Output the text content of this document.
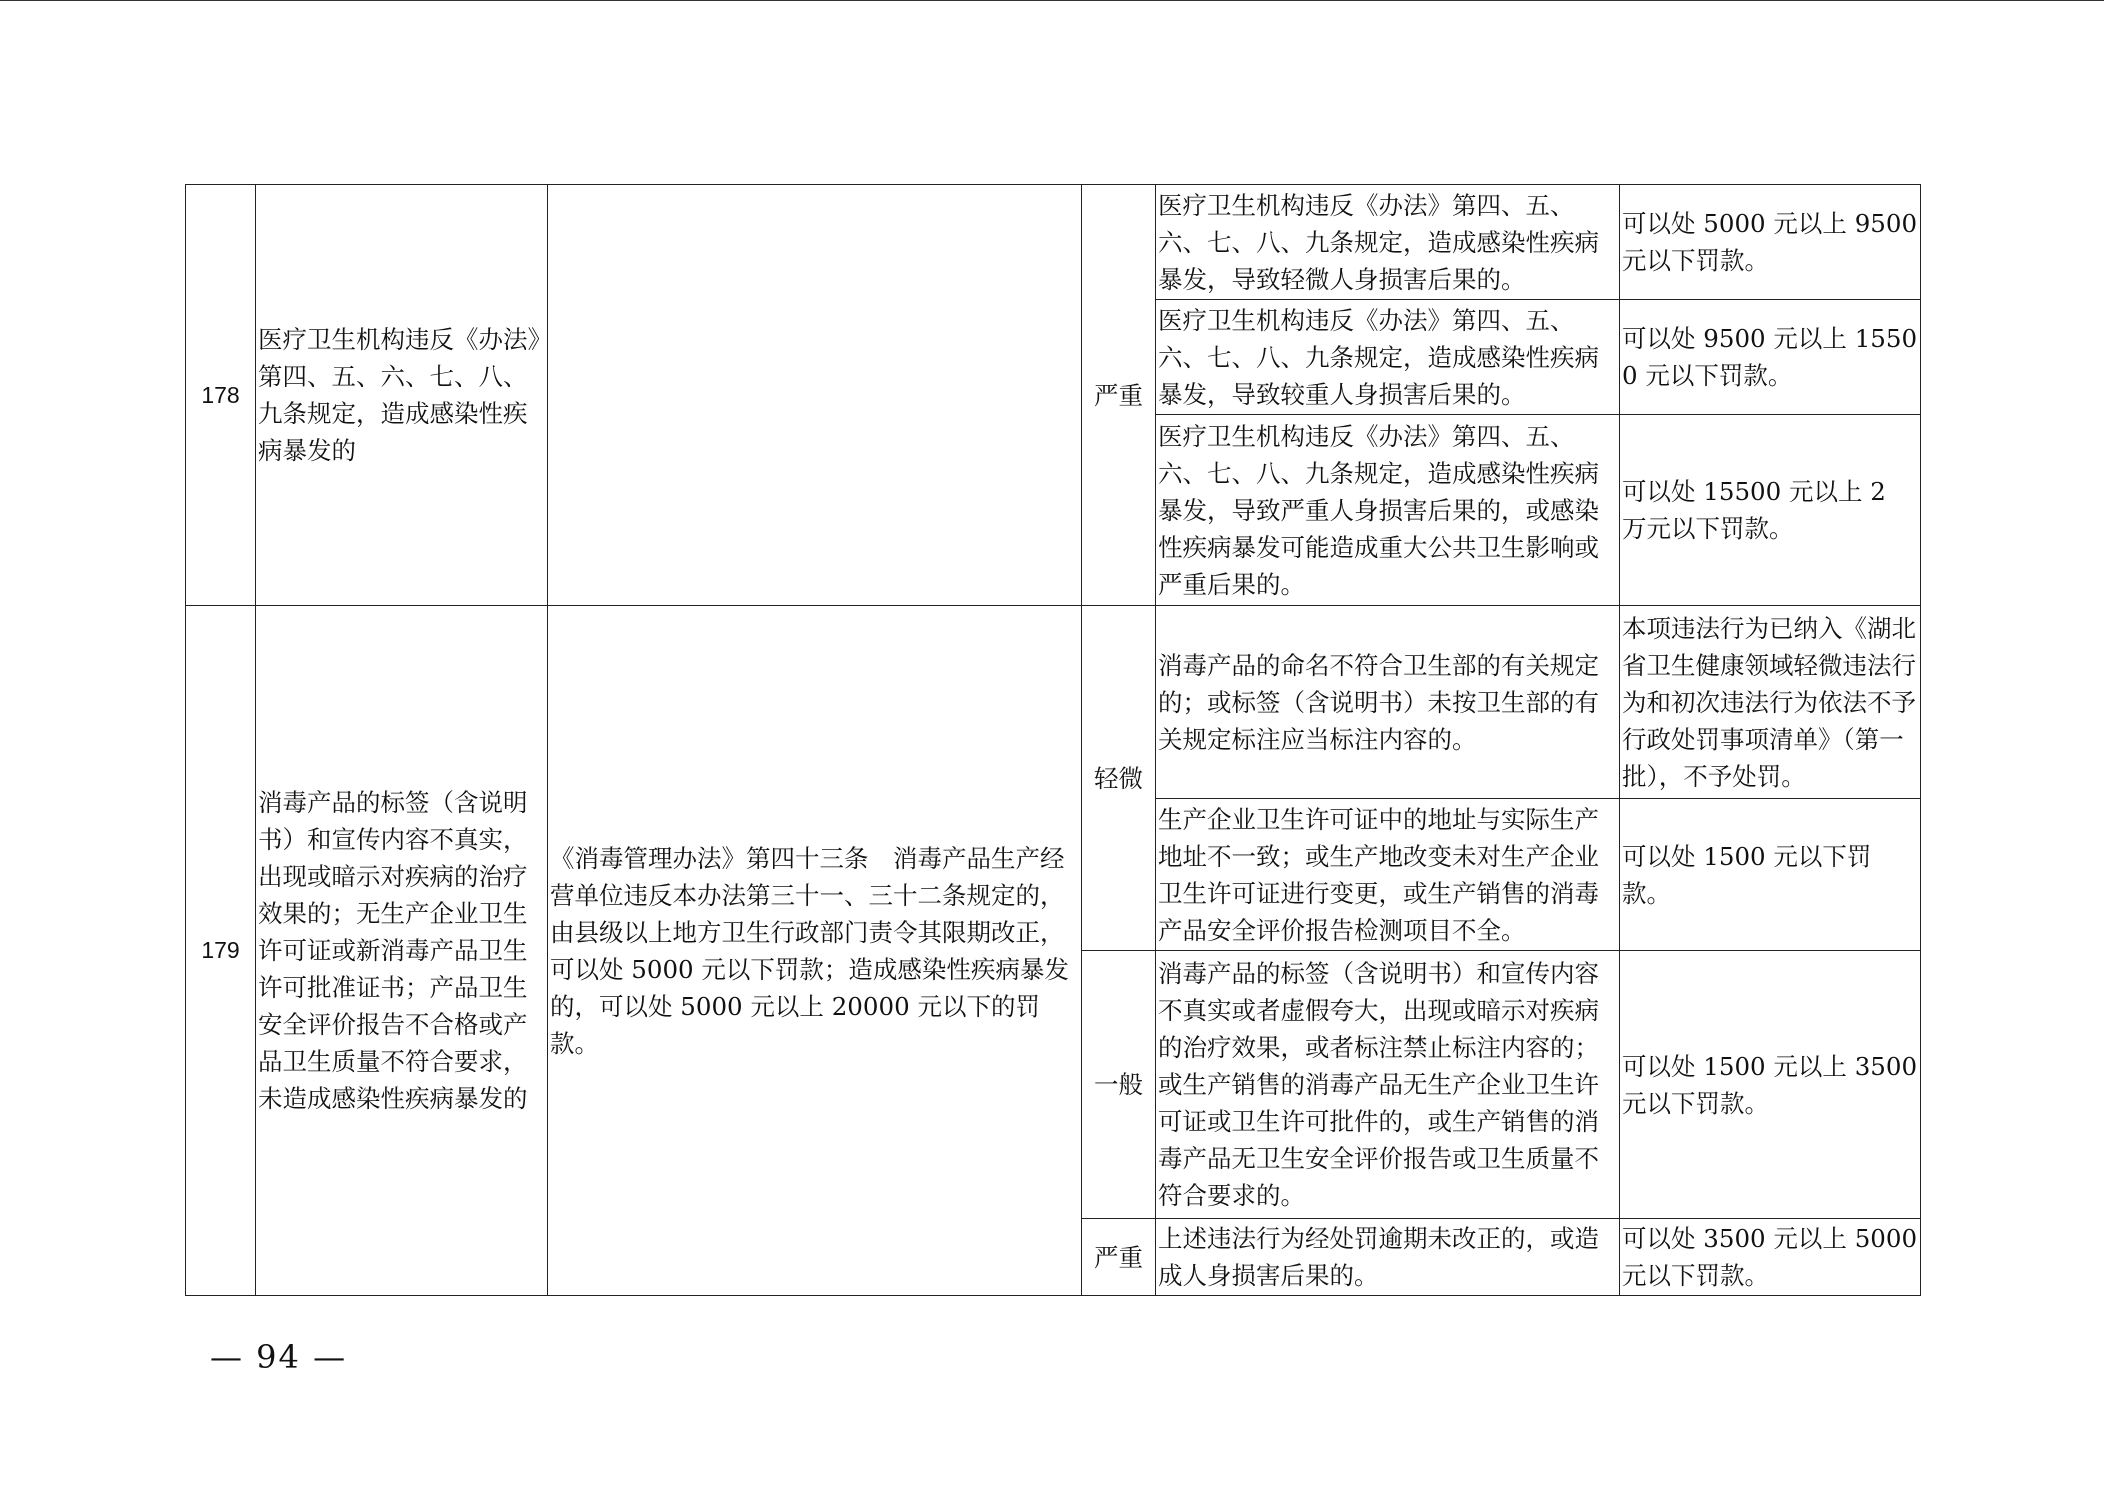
178	医疗卫生机构违反《办法》第四、五、六、七、八、九条规定，造成感染性疾病暴发的		严重	医疗卫生机构违反《办法》第四、五、六、七、八、九条规定，造成感染性疾病暴发，导致轻微人身损害后果的。	可以处 5000 元以上 9500 元以下罚款。
				医疗卫生机构违反《办法》第四、五、六、七、八、九条规定，造成感染性疾病暴发，导致较重人身损害后果的。	可以处 9500 元以上 15500 元以下罚款。
				医疗卫生机构违反《办法》第四、五、六、七、八、九条规定，造成感染性疾病暴发，导致严重人身损害后果的，或感染性疾病暴发可能造成重大公共卫生影响或严重后果的。	可以处 15500 元以上 2 万元以下罚款。
179	消毒产品的标签（含说明书）和宣传内容不真实，出现或暗示对疾病的治疗效果的；无生产企业卫生许可证或新消毒产品卫生许可批准证书；产品卫生安全评价报告不合格或产品卫生质量不符合要求，未造成感染性疾病暴发的	《消毒管理办法》第四十三条　消毒产品生产经营单位违反本办法第三十一、三十二条规定的，由县级以上地方卫生行政部门责令其限期改正，可以处 5000 元以下罚款；造成感染性疾病暴发的，可以处 5000 元以上 20000 元以下的罚款。	轻微	消毒产品的命名不符合卫生部的有关规定的；或标签（含说明书）未按卫生部的有关规定标注应当标注内容的。	本项违法行为已纳入《湖北省卫生健康领域轻微违法行为和初次违法行为依法不予行政处罚事项清单》（第一批），不予处罚。
				生产企业卫生许可证中的地址与实际生产地址不一致；或生产地改变未对生产企业卫生许可证进行变更，或生产销售的消毒产品安全评价报告检测项目不全。	可以处 1500 元以下罚款。
			一般	消毒产品的标签（含说明书）和宣传内容不真实或者虚假夸大，出现或暗示对疾病的治疗效果，或者标注禁止标注内容的；或生产销售的消毒产品无生产企业卫生许可证或卫生许可批件的，或生产销售的消毒产品无卫生安全评价报告或卫生质量不符合要求的。	可以处 1500 元以上 3500 元以下罚款。
			严重	上述违法行为经处罚逾期未改正的，或造成人身损害后果的。	可以处 3500 元以上 5000 元以下罚款。
— 94 —
